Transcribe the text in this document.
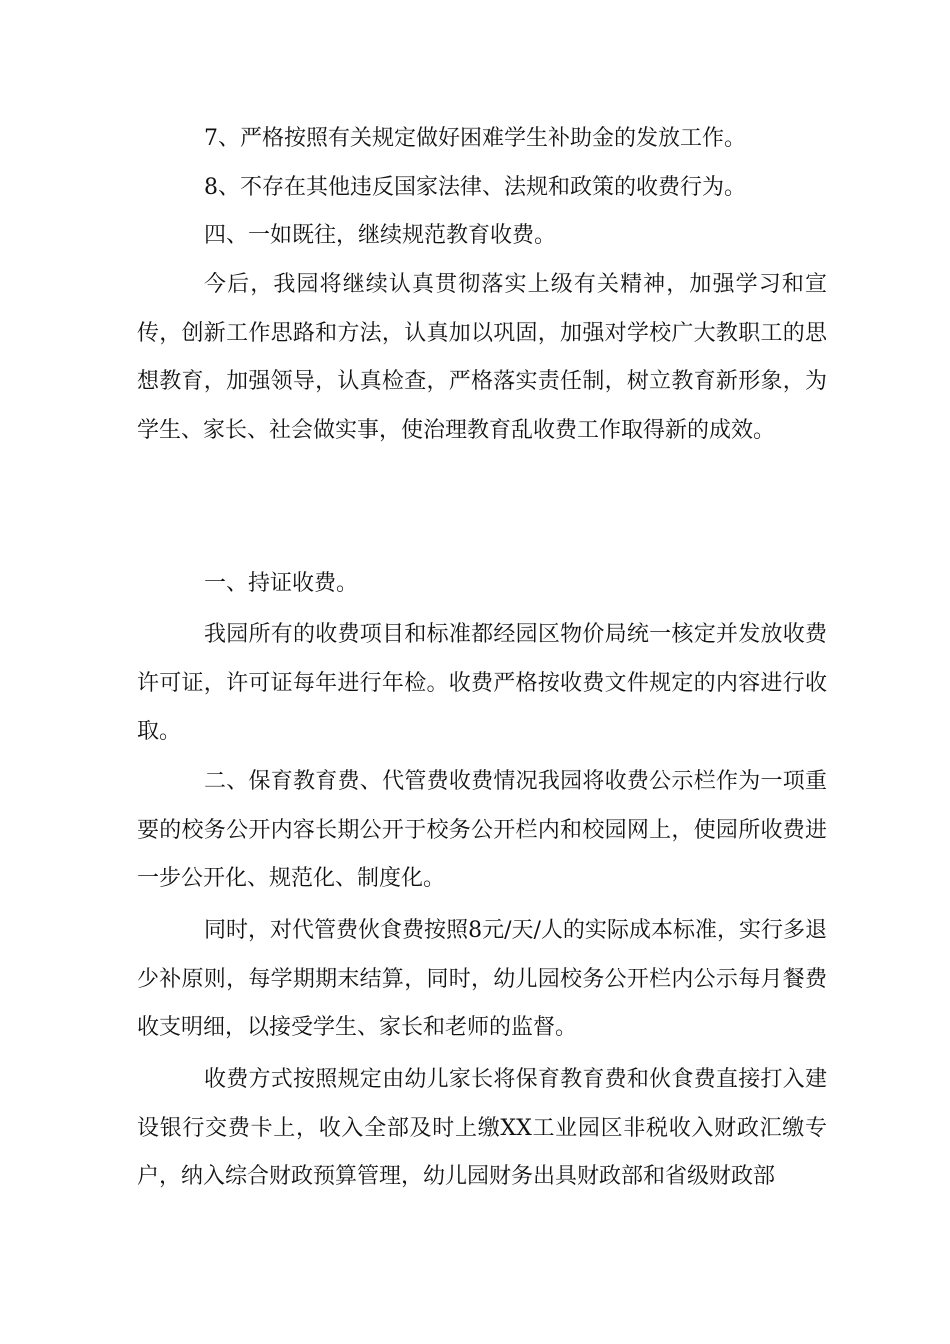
7、严格按照有关规定做好困难学生补助金的发放工作。

8、不存在其他违反国家法律、法规和政策的收费行为。

四、一如既往，继续规范教育收费。

今后，我园将继续认真贯彻落实上级有关精神，加强学习和宣传，创新工作思路和方法，认真加以巩固，加强对学校广大教职工的思想教育，加强领导，认真检查，严格落实责任制，树立教育新形象，为学生、家长、社会做实事，使治理教育乱收费工作取得新的成效。

一、持证收费。

我园所有的收费项目和标准都经园区物价局统一核定并发放收费许可证，许可证每年进行年检。收费严格按收费文件规定的内容进行收取。

二、保育教育费、代管费收费情况我园将收费公示栏作为一项重要的校务公开内容长期公开于校务公开栏内和校园网上，使园所收费进一步公开化、规范化、制度化。

同时，对代管费伙食费按照8元/天/人的实际成本标准，实行多退少补原则，每学期期末结算，同时，幼儿园校务公开栏内公示每月餐费收支明细，以接受学生、家长和老师的监督。

收费方式按照规定由幼儿家长将保育教育费和伙食费直接打入建设银行交费卡上，收入全部及时上缴XX工业园区非税收入财政汇缴专户，纳入综合财政预算管理，幼儿园财务出具财政部和省级财政部
